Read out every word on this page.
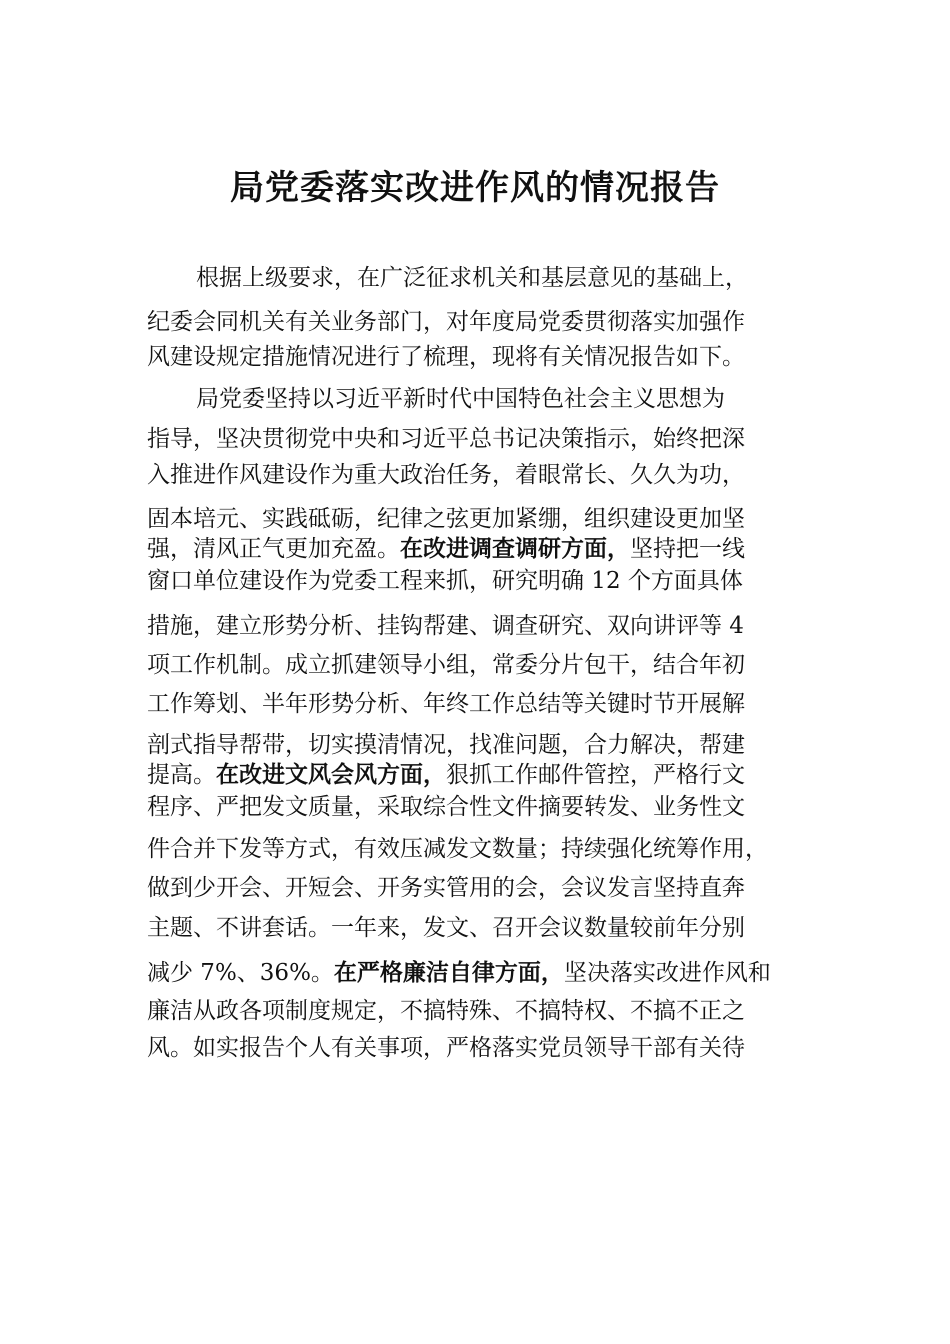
局党委落实改进作风的情况报告

根据上级要求，在广泛征求机关和基层意见的基础上，

纪委会同机关有关业务部门，对年度局党委贯彻落实加强作

风建设规定措施情况进行了梳理，现将有关情况报告如下。

局党委坚持以习近平新时代中国特色社会主义思想为

指导，坚决贯彻党中央和习近平总书记决策指示，始终把深

入推进作风建设作为重大政治任务，着眼常长、久久为功，

固本培元、实践砥砺，纪律之弦更加紧绷，组织建设更加坚

强，清风正气更加充盈。在改进调查调研方面，坚持把一线

窗口单位建设作为党委工程来抓，研究明确 12 个方面具体

措施，建立形势分析、挂钩帮建、调查研究、双向讲评等 4

项工作机制。成立抓建领导小组，常委分片包干，结合年初

工作筹划、半年形势分析、年终工作总结等关键时节开展解

剖式指导帮带，切实摸清情况，找准问题，合力解决，帮建

提高。在改进文风会风方面，狠抓工作邮件管控，严格行文

程序、严把发文质量，采取综合性文件摘要转发、业务性文

件合并下发等方式，有效压减发文数量；持续强化统筹作用，

做到少开会、开短会、开务实管用的会，会议发言坚持直奔

主题、不讲套话。一年来，发文、召开会议数量较前年分别

减少 7%、36%。在严格廉洁自律方面，坚决落实改进作风和

廉洁从政各项制度规定，不搞特殊、不搞特权、不搞不正之

风。如实报告个人有关事项，严格落实党员领导干部有关待
